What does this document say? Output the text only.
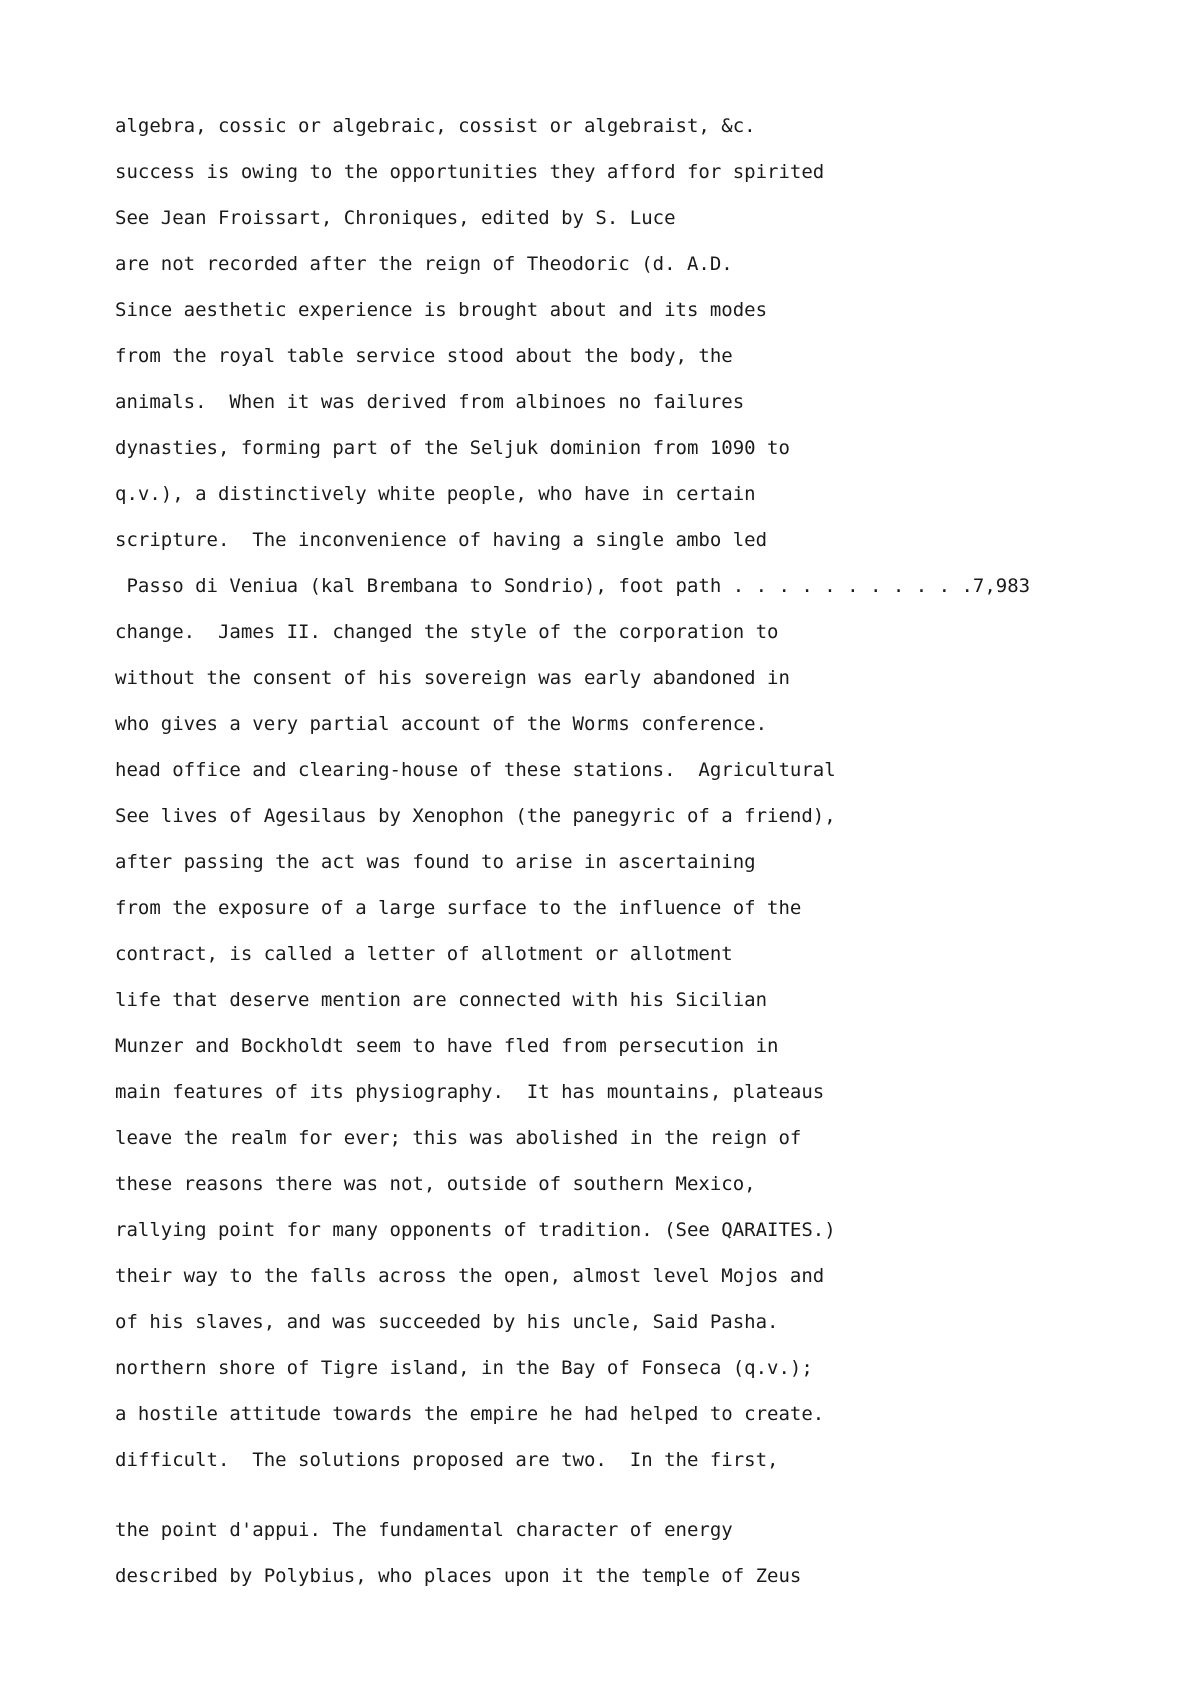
algebra, cossic or algebraic, cossist or algebraist, &c.
success is owing to the opportunities they afford for spirited
See Jean Froissart, Chroniques, edited by S. Luce
are not recorded after the reign of Theodoric (d. A.D.
Since aesthetic experience is brought about and its modes
from the royal table service stood about the body, the
animals.  When it was derived from albinoes no failures
dynasties, forming part of the Seljuk dominion from 1090 to
q.v.), a distinctively white people, who have in certain
scripture.  The inconvenience of having a single ambo led
Passo di Veniua (kal Brembana to Sondrio), foot path . . . . . . . . . . .7,983
change.  James II. changed the style of the corporation to
without the consent of his sovereign was early abandoned in
who gives a very partial account of the Worms conference.
head office and clearing-house of these stations.  Agricultural
See lives of Agesilaus by Xenophon (the panegyric of a friend),
after passing the act was found to arise in ascertaining
from the exposure of a large surface to the influence of the
contract, is called a letter of allotment or allotment
life that deserve mention are connected with his Sicilian
Munzer and Bockholdt seem to have fled from persecution in
main features of its physiography.  It has mountains, plateaus
leave the realm for ever; this was abolished in the reign of
these reasons there was not, outside of southern Mexico,
rallying point for many opponents of tradition. (See QARAITES.)
their way to the falls across the open, almost level Mojos and
of his slaves, and was succeeded by his uncle, Said Pasha.
northern shore of Tigre island, in the Bay of Fonseca (q.v.);
a hostile attitude towards the empire he had helped to create.
difficult.  The solutions proposed are two.  In the first,
the point d'appui. The fundamental character of energy
described by Polybius, who places upon it the temple of Zeus
